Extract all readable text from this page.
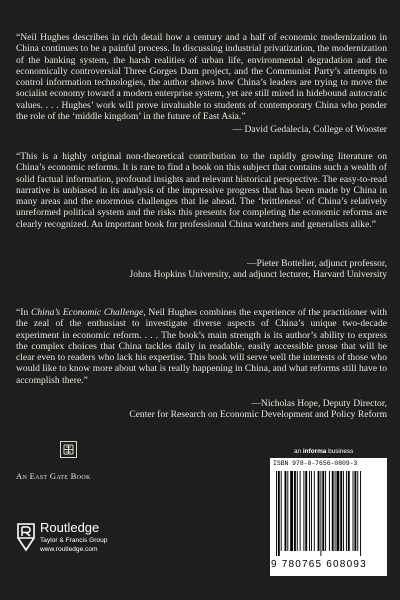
“Neil Hughes describes in rich detail how a century and a half of economic modernization in China continues to be a painful process. In discussing industrial privatization, the modernization of the banking system, the harsh realities of urban life, environmental degradation and the economically controversial Three Gorges Dam project, and the Communist Party’s attempts to control information technologies, the author shows how China’s leaders are trying to move the socialist economy toward a modern enterprise system, yet are still mired in hidebound autocratic values. . . . Hughes’ work will prove invaluable to students of contemporary China who ponder the role of the ‘middle kingdom’ in the future of East Asia.”
— David Gedalecia, College of Wooster
“This is a highly original non-theoretical contribution to the rapidly growing literature on China’s economic reforms. It is rare to find a book on this subject that contains such a wealth of solid factual information, profound insights and relevant historical perspective. The easy-to-read narrative is unbiased in its analysis of the impressive progress that has been made by China in many areas and the enormous challenges that lie ahead. The ‘brittleness’ of China’s relatively unreformed political system and the risks this presents for completing the economic reforms are clearly recognized. An important book for professional China watchers and generalists alike.”
—Pieter Bottelier, adjunct professor,
Johns Hopkins University, and adjunct lecturer, Harvard University
“In China’s Economic Challenge, Neil Hughes combines the experience of the practitioner with the zeal of the enthusiast to investigate diverse aspects of China’s unique two-decade experiment in economic reform. . . . The book’s main strength is its author’s ability to express the complex choices that China tackles daily in readable, easily accessible prose that will be clear even to readers who lack his expertise. This book will serve well the interests of those who would like to know more about what is really happening in China, and what reforms still have to accomplish there.”
—Nicholas Hope, Deputy Director,
Center for Research on Economic Development and Policy Reform
An East Gate Book
Routledge
Taylor & Francis Group
www.routledge.com
an informa business
ISBN 978-0-7656-0809-3
9 780765 608093
